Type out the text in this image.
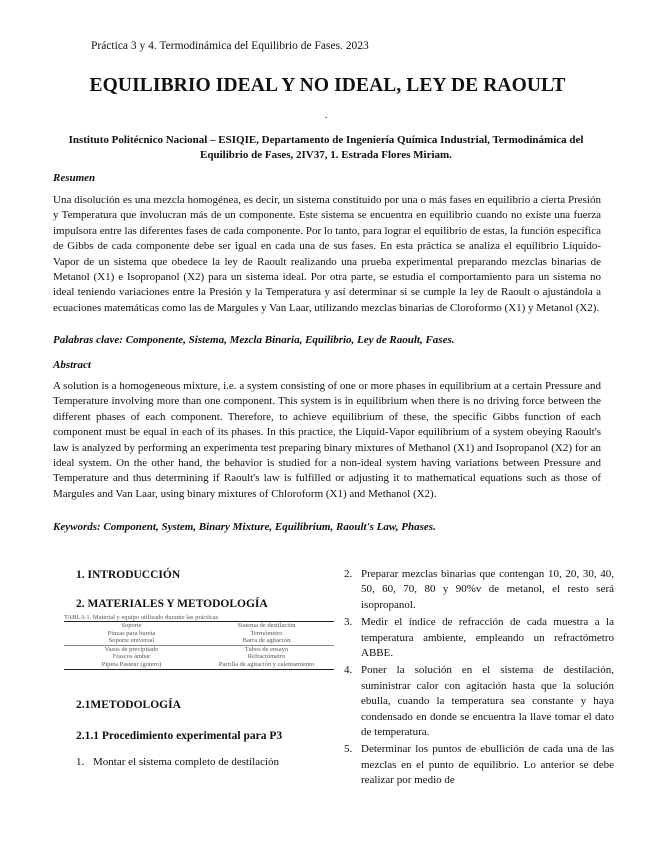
Práctica 3 y 4. Termodinámica del Equilibrio de Fases. 2023
EQUILIBRIO IDEAL Y NO IDEAL, LEY DE RAOULT
.
Instituto Politécnico Nacional – ESIQIE, Departamento de Ingeniería Química Industrial, Termodinámica del Equilibrio de Fases, 2IV37, 1. Estrada Flores Miriam.
Resumen
Una disolución es una mezcla homogénea, es decir, un sistema constituido por una o más fases en equilibrio a cierta Presión y Temperatura que involucran más de un componente. Este sistema se encuentra en equilibrio cuando no existe una fuerza impulsora entre las diferentes fases de cada componente. Por lo tanto, para lograr el equilibrio de estas, la función específica de Gibbs de cada componente debe ser igual en cada una de sus fases. En esta práctica se analiza el equilibrio Líquido-Vapor de un sistema que obedece la ley de Raoult realizando una prueba experimental preparando mezclas binarias de Metanol (X1) e Isopropanol (X2) para un sistema ideal. Por otra parte, se estudia el comportamiento para un sistema no ideal teniendo variaciones entre la Presión y la Temperatura y así determinar si se cumple la ley de Raoult o ajustándola a ecuaciones matemáticas como las de Margules y Van Laar, utilizando mezclas binarias de Cloroformo (X1) y Metanol (X2).
Palabras clave: Componente, Sistema, Mezcla Binaria, Equilibrio, Ley de Raoult, Fases.
Abstract
A solution is a homogeneous mixture, i.e. a system consisting of one or more phases in equilibrium at a certain Pressure and Temperature involving more than one component. This system is in equilibrium when there is no driving force between the different phases of each component. Therefore, to achieve equilibrium of these, the specific Gibbs function of each component must be equal in each of its phases. In this practice, the Liquid-Vapor equilibrium of a system obeying Raoult's law is analyzed by performing an experimenta test preparing binary mixtures of Methanol (X1) and Isopropanol (X2) for an ideal system. On the other hand, the behavior is studied for a non-ideal system having variations between Pressure and Temperature and thus determining if Raoult's law is fulfilled or adjusting it to mathematical equations such as those of Margules and Van Laar, using binary mixtures of Chloroform (X1) and Methanol (X2).
Keywords: Component, System, Binary Mixture, Equilibrium, Raoult's Law, Phases.
1. INTRODUCCIÓN
2. MATERIALES Y METODOLOGÍA
TABLA 1. Material y equipo utilizado durante las prácticas
Soporte	Sistema de destilación
Pinzas para bureta	Termómetro
Soporte universal	Barra de agitación
Vasos de precipitado	Tubos de ensayo
Frascos ámbar	Refractómetro
Pipeta Pasteur (gotero)	Parrilla de agitación y calentamiento
2.1METODOLOGÍA
2.1.1 Procedimiento experimental para P3
1. Montar el sistema completo de destilación
2. Preparar mezclas binarias que contengan 10, 20, 30, 40, 50, 60, 70, 80 y 90%v de metanol, el resto será isopropanol.
3. Medir el índice de refracción de cada muestra a la temperatura ambiente, empleando un refractómetro ABBE.
4. Poner la solución en el sistema de destilación, suministrar calor con agitación hasta que la solución ebulla, cuando la temperatura sea constante y haya condensado en donde se encuentra la llave tomar el dato de temperatura.
5. Determinar los puntos de ebullición de cada una de las mezclas en el punto de equilibrio. Lo anterior se debe realizar por medio de
